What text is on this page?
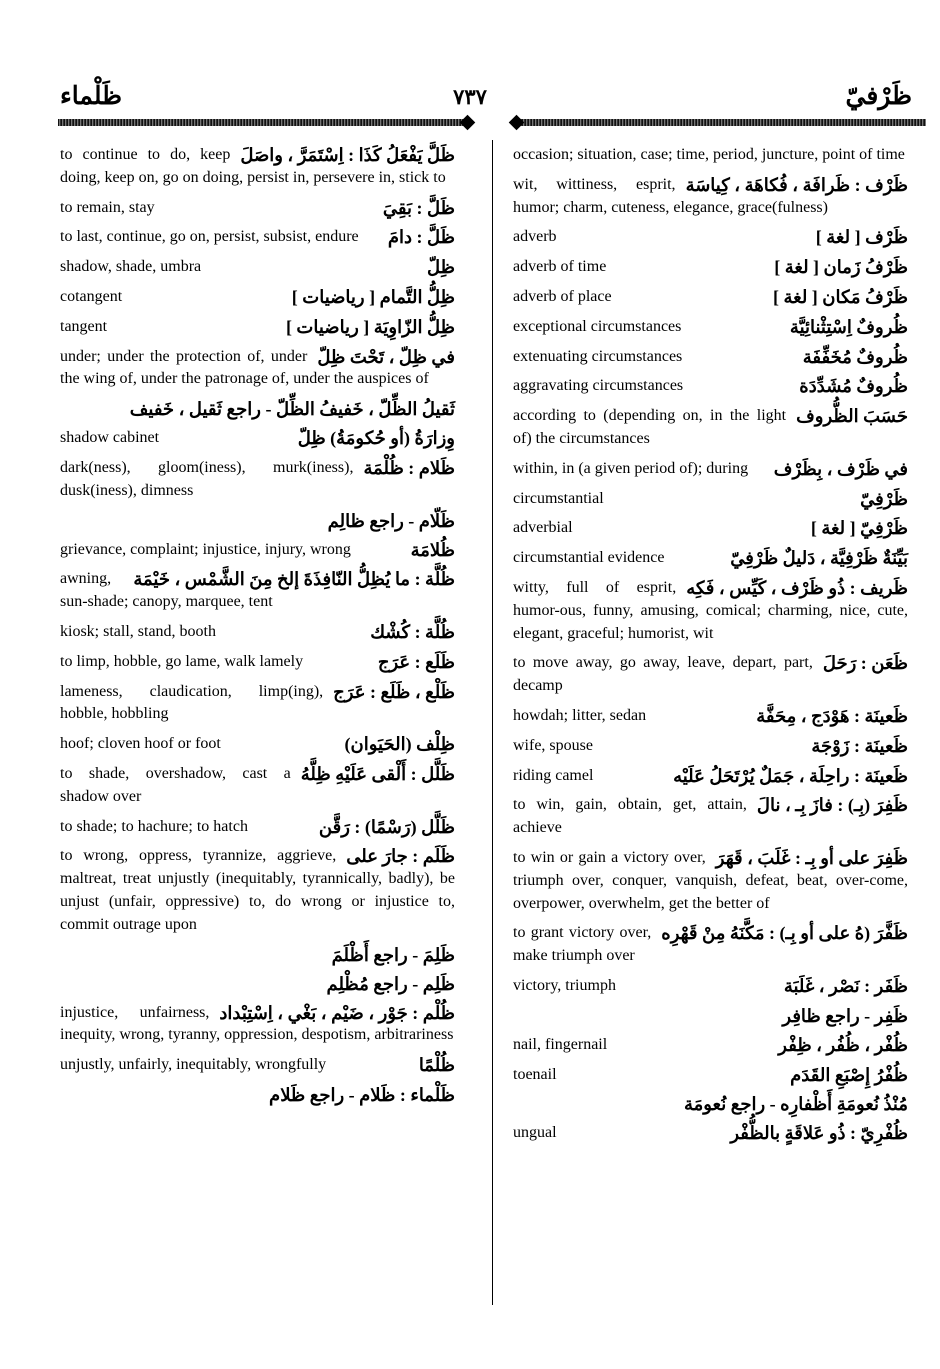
ظَرْفيّ
٧٣٧
ظَلْماء
ظَلَّ يَفْعَلُ كَذَا : اِسْتَمَرَّ ، واصَلَ
to continue to do, keep doing, keep on, go on doing, persist in, persevere in, stick to
ظَلَّ : بَقِيَ
to remain, stay
ظَلَّ : دامَ
to last, continue, go on, persist, subsist, endure
ظِلّ
shadow, shade, umbra
ظِلُّ التَّمام [ رياضيات ]
cotangent
ظِلُّ الزّاوِيَة [ رياضيات ]
tangent
في ظِلّ ، تَحْتَ ظِلّ
under; under the protection of, under the wing of, under the patronage of, under the auspices of
ثَقيلُ الظِّلّ ، خَفيفُ الظِّلّ - راجع ثَقيل ، خَفيف
وِزارَةُ (أو حُكومَةُ) ظِلّ
shadow cabinet
ظَلام : ظُلْمَة
dark(ness), gloom(iness), murk(iness), dusk(iness), dimness
ظَلّام - راجع ظالِم
ظُلامَة
grievance, complaint; injustice, injury, wrong
ظُلَّة : ما يُظِلُّ النّافِذَةَ إلخ مِنَ الشَّمْس ، خَيْمَة
awning, sun-shade; canopy, marquee, tent
ظُلَّة : كُشْك
kiosk; stall, stand, booth
ظَلَع : عَرَج
to limp, hobble, go lame, walk lamely
ظَلْع ، ظَلَع : عَرَج
lameness, claudication, limp(ing), hobble, hobbling
ظِلْف (الحَيَوان)
hoof; cloven hoof or foot
ظَلَّل : أَلْقى عَلَيْهِ ظِلَّهُ
to shade, overshadow, cast a shadow over
ظَلَّل (رَسْمًا) : رَقَّن
to shade; to hachure; to hatch
ظَلَم : جارَ على
to wrong, oppress, tyrannize, aggrieve, maltreat, treat unjustly (inequitably, tyrannically, badly), be unjust (unfair, oppressive) to, do wrong or injustice to, commit outrage upon
ظَلِمَ - راجع أَظْلَمَ
ظَلِم - راجع مُظْلِم
ظُلْم : جَوْر ، ضَيْم ، بَغْي ، اِسْتِبْداد
injustice, unfairness, inequity, wrong, tyranny, oppression, despotism, arbitrariness
ظُلْمًا
unjustly, unfairly, inequitably, wrongfully
ظَلْماء : ظَلام - راجع ظَلام
occasion; situation, case; time, period, juncture, point of time
ظَرْف : ظَرافَة ، فُكاهَة ، كِياسَة
wit, wittiness, esprit, humor; charm, cuteness, elegance, grace(fulness)
ظَرْف [ لغة ]
adverb
ظَرْفُ زَمان [ لغة ]
adverb of time
ظَرْفُ مَكان [ لغة ]
adverb of place
ظُروفٌ اِسْتِثْنائِيَّة
exceptional circumstances
ظُروفٌ مُخَفِّفَة
extenuating circumstances
ظُروفٌ مُشَدِّدَة
aggravating circumstances
حَسَبَ الظُّروف
according to (depending on, in the light of) the circumstances
في ظَرْف ، بِظَرْف
within, in (a given period of); during
ظَرْفِيّ
circumstantial
ظَرْفِيّ [ لغة ]
adverbial
بَيِّنَةٌ ظَرْفِيَّة ، دَليلٌ ظَرْفِيّ
circumstantial evidence
ظَريف : ذُو ظَرْف ، كَيِّس ، فَكِه
witty, full of esprit, humor-ous, funny, amusing, comical; charming, nice, cute, elegant, graceful; humorist, wit
ظَعَن : رَحَلَ
to move away, go away, leave, depart, part, decamp
ظَعينَة : هَوْدَج ، مِحَفَّة
howdah; litter, sedan
ظَعينَة : زَوْجَة
wife, spouse
ظَعينَة : راحِلَة ، جَمَلٌ يُرْتَحَلُ عَلَيْه
riding camel
ظَفِرَ (بِـ) : فازَ بِـ ، نالَ
to win, gain, obtain, get, attain, achieve
ظَفِرَ على أو بِـ : غَلَبَ ، قَهَرَ
to win or gain a victory over, triumph over, conquer, vanquish, defeat, beat, over-come, overpower, overwhelm, get the better of
ظَفَّرَ (هُ على أو بِـ) : مَكَّنَهُ مِنْ قَهْرِه
to grant victory over, make triumph over
ظَفَر : نَصْر ، غَلَبَة
victory, triumph
ظَفِر - راجع ظافِر
ظُفْر ، ظُفُر ، ظِفْر
nail, fingernail
ظُفْرُ إِصْبَعِ القَدَم
toenail
مُنْذُ نُعومَةِ أَظْفارِه - راجع نُعومَة
ظُفْرِيّ : ذُو عَلاقَةٍ بالظُّفْر
ungual
